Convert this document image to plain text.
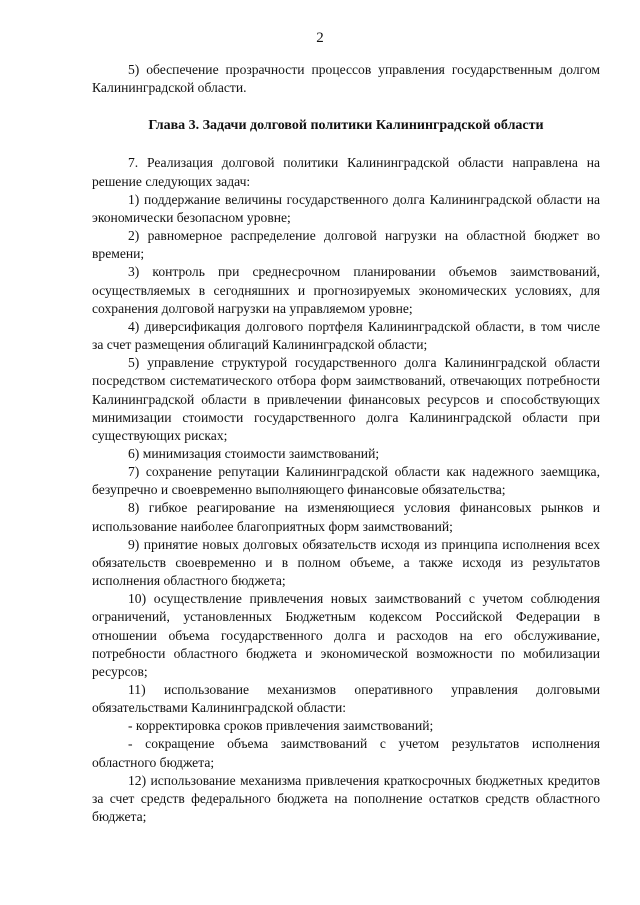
2

5) обеспечение прозрачности процессов управления государственным долгом Калининградской области.

Глава 3. Задачи долговой политики Калининградской области

7. Реализация долговой политики Калининградской области направлена на решение следующих задач:

1) поддержание величины государственного долга Калининградской области на экономически безопасном уровне;

2) равномерное распределение долговой нагрузки на областной бюджет во времени;

3) контроль при среднесрочном планировании объемов заимствований, осуществляемых в сегодняшних и прогнозируемых экономических условиях, для сохранения долговой нагрузки на управляемом уровне;

4) диверсификация долгового портфеля Калининградской области, в том числе за счет размещения облигаций Калининградской области;

5) управление структурой государственного долга Калининградской области посредством систематического отбора форм заимствований, отвечающих потребности Калининградской области в привлечении финансовых ресурсов и способствующих минимизации стоимости государственного долга Калининградской области при существующих рисках;

6) минимизация стоимости заимствований;

7) сохранение репутации Калининградской области как надежного заемщика, безупречно и своевременно выполняющего финансовые обязательства;

8) гибкое реагирование на изменяющиеся условия финансовых рынков и использование наиболее благоприятных форм заимствований;

9) принятие новых долговых обязательств исходя из принципа исполнения всех обязательств своевременно и в полном объеме, а также исходя из результатов исполнения областного бюджета;

10) осуществление привлечения новых заимствований с учетом соблюдения ограничений, установленных Бюджетным кодексом Российской Федерации в отношении объема государственного долга и расходов на его обслуживание, потребности областного бюджета и экономической возможности по мобилизации ресурсов;

11) использование механизмов оперативного управления долговыми обязательствами Калининградской области:

- корректировка сроков привлечения заимствований;

- сокращение объема заимствований с учетом результатов исполнения областного бюджета;

12) использование механизма привлечения краткосрочных бюджетных кредитов за счет средств федерального бюджета на пополнение остатков средств областного бюджета;
